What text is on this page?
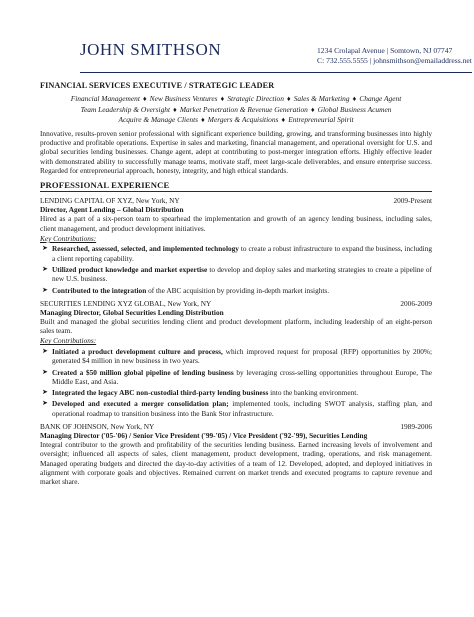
JOHN SMITHSON	1234 Crolapal Avenue | Somtown, NJ 07747
C: 732.555.5555 | johnsmithson@emailaddress.net
FINANCIAL SERVICES EXECUTIVE / STRATEGIC LEADER
Financial Management ♦ New Business Ventures ♦ Strategic Direction ♦ Sales & Marketing ♦ Change Agent
Team Leadership & Oversight ♦ Market Penetration & Revenue Generation ♦ Global Business Acumen
Acquire & Manage Clients ♦ Mergers & Acquisitions ♦ Entrepreneurial Spirit
Innovative, results-proven senior professional with significant experience building, growing, and transforming businesses into highly productive and profitable operations. Expertise in sales and marketing, financial management, and operational oversight for U.S. and global securities lending businesses. Change agent, adept at contributing to post-merger integration efforts. Highly effective leader with demonstrated ability to successfully manage teams, motivate staff, meet large-scale deliverables, and ensure enterprise success. Regarded for entrepreneurial approach, honesty, integrity, and high ethical standards.
PROFESSIONAL EXPERIENCE
LENDING CAPITAL OF XYZ, New York, NY	2009-Present
Director, Agent Lending – Global Distribution
Hired as a part of a six-person team to spearhead the implementation and growth of an agency lending business, including sales, client management, and product development initiatives.
Key Contributions:
➤ Researched, assessed, selected, and implemented technology to create a robust infrastructure to expand the business, including a client reporting capability.
➤ Utilized product knowledge and market expertise to develop and deploy sales and marketing strategies to create a pipeline of new U.S. business.
➤ Contributed to the integration of the ABC acquisition by providing in-depth market insights.
SECURITIES LENDING XYZ GLOBAL, New York, NY	2006-2009
Managing Director, Global Securities Lending Distribution
Built and managed the global securities lending client and product development platform, including leadership of an eight-person sales team.
Key Contributions:
➤ Initiated a product development culture and process, which improved request for proposal (RFP) opportunities by 200%; generated $4 million in new business in two years.
➤ Created a $50 million global pipeline of lending business by leveraging cross-selling opportunities throughout Europe, The Middle East, and Asia.
➤ Integrated the legacy ABC non-custodial third-party lending business into the banking environment.
➤ Developed and executed a merger consolidation plan; implemented tools, including SWOT analysis, staffing plan, and operational roadmap to transition business into the Bank Stor infrastructure.
BANK OF JOHNSON, New York, NY	1989-2006
Managing Director ('05-'06) / Senior Vice President ('99-'05) / Vice President ('92-'99), Securities Lending
Integral contributor to the growth and profitability of the securities lending business. Earned increasing levels of involvement and oversight; influenced all aspects of sales, client management, product development, trading, operations, and risk management. Managed operating budgets and directed the day-to-day activities of a team of 12. Developed, adopted, and deployed initiatives in alignment with corporate goals and objectives. Remained current on market trends and executed programs to capture revenue and market share.
